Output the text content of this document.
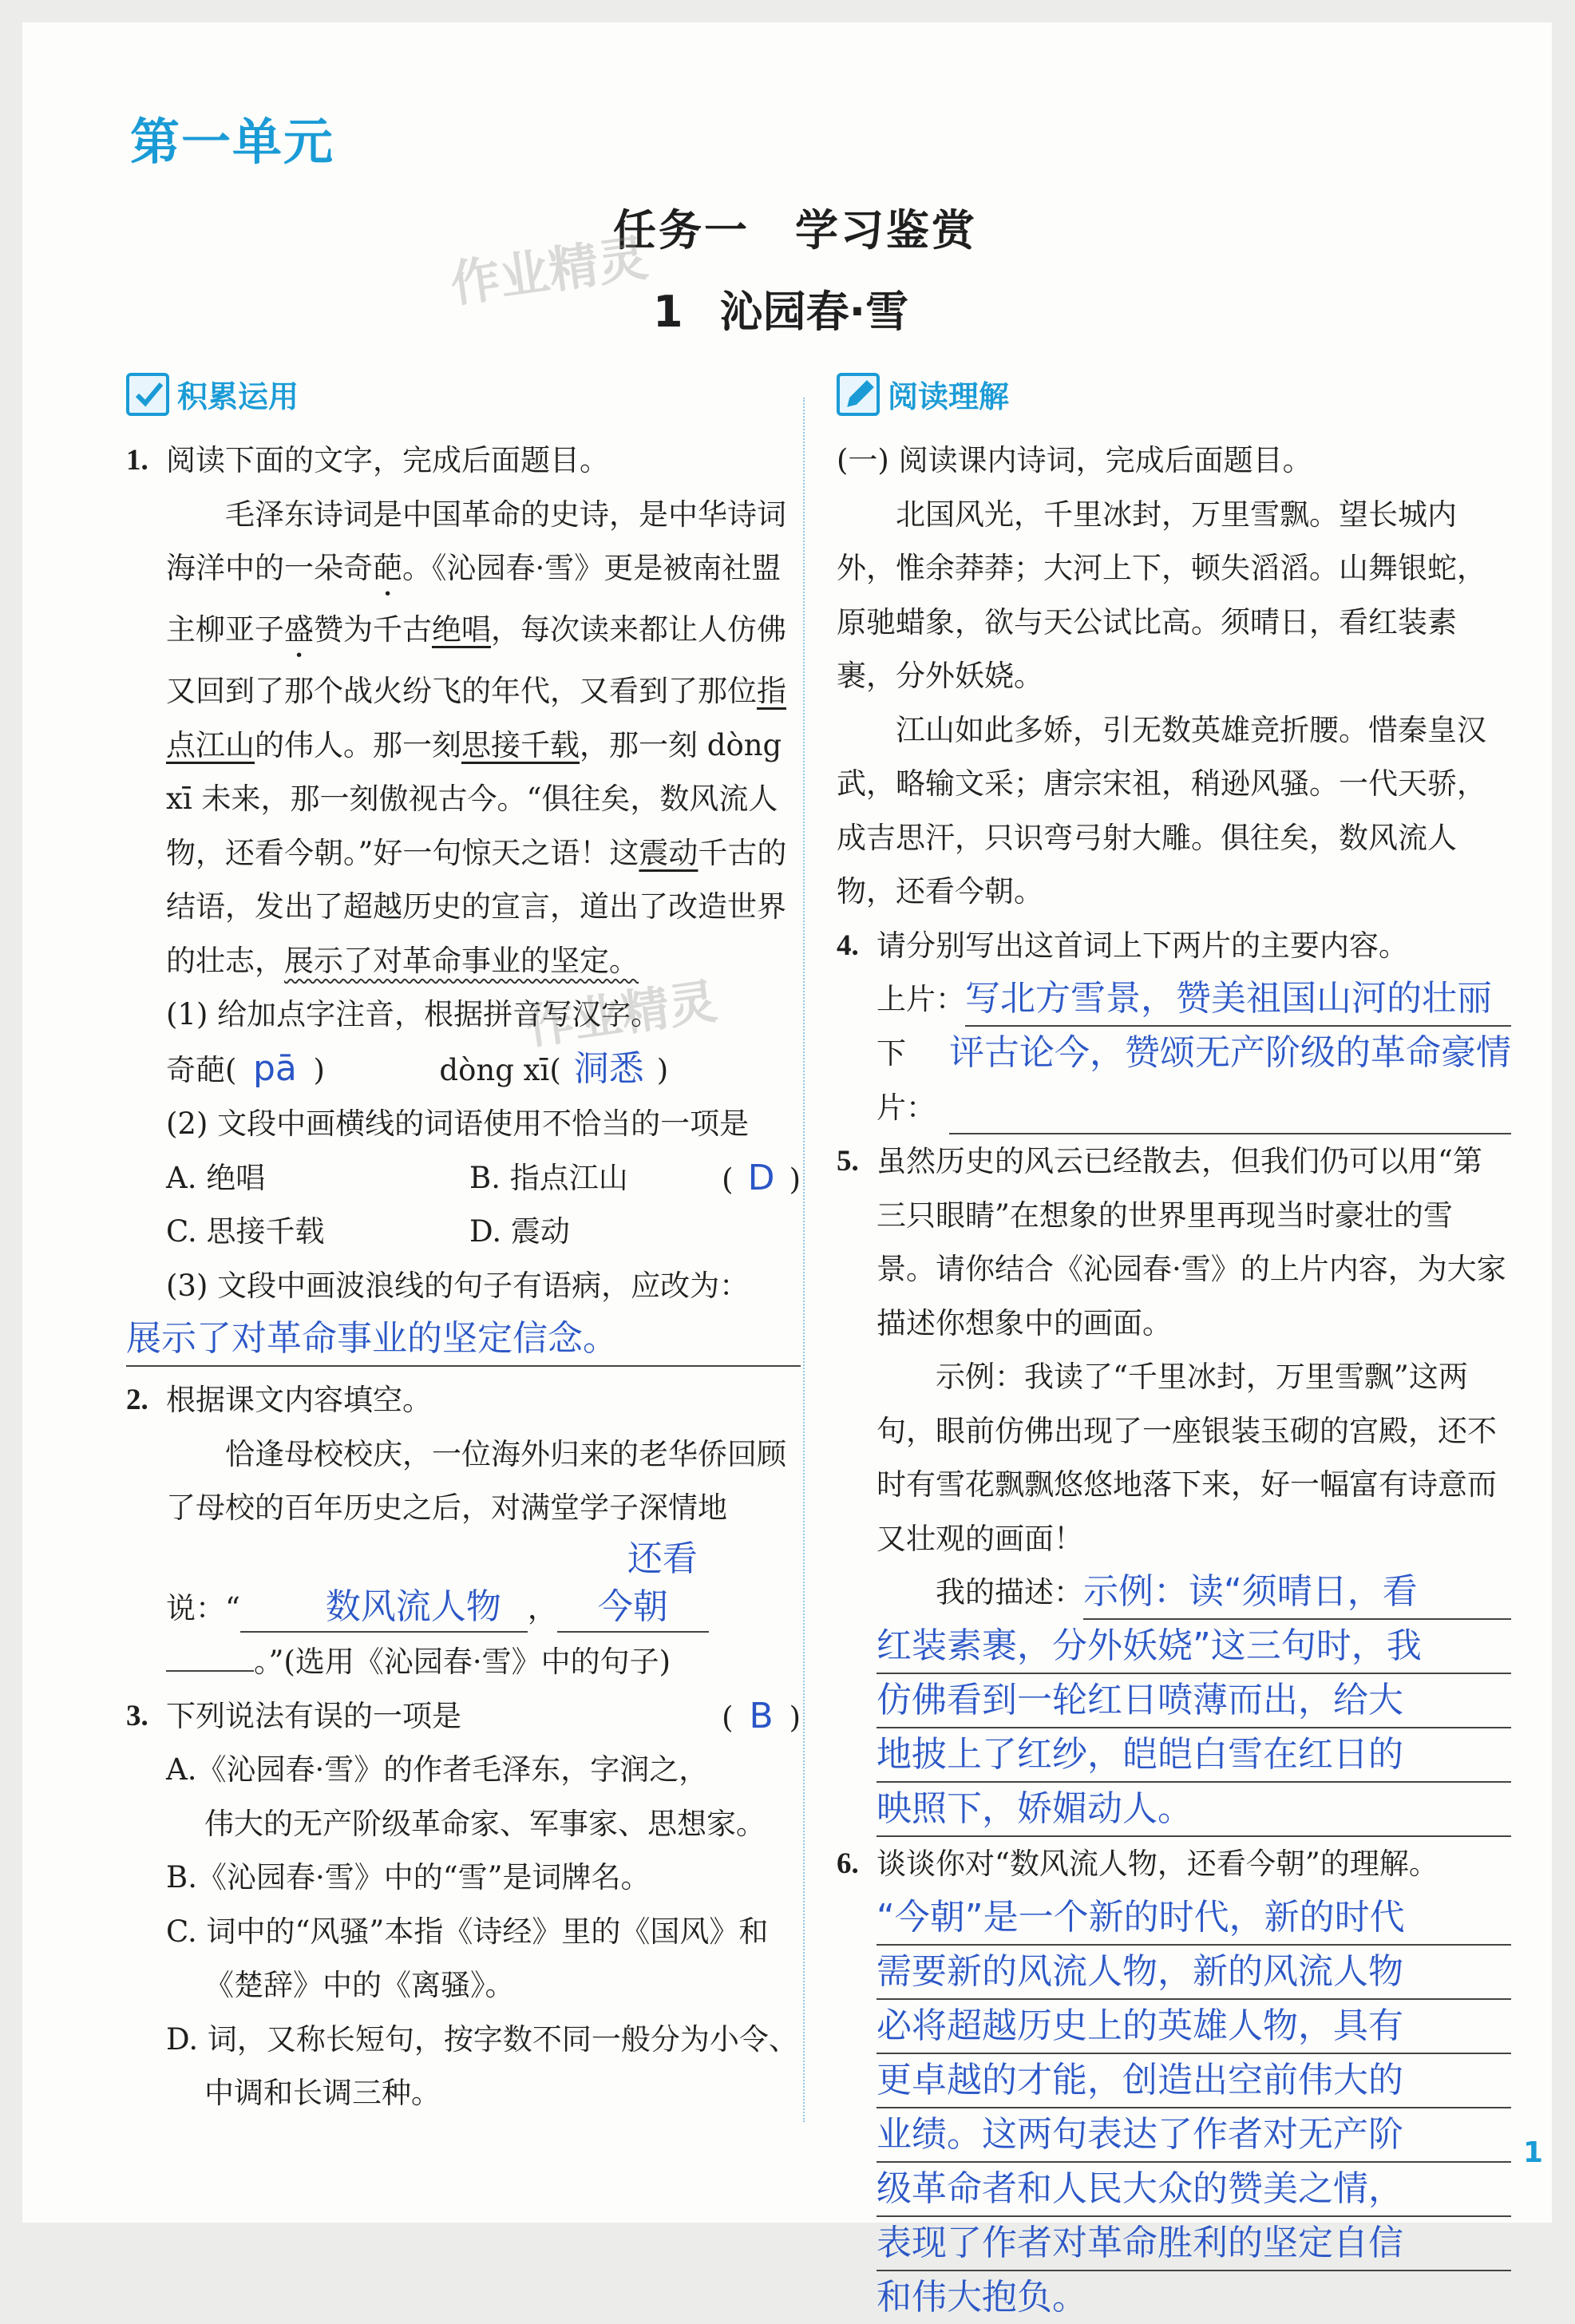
第一单元
任务一　学习鉴赏
1 沁园春·雪
作业精灵
作业精灵
积累运用	阅读理解
1. 阅读下面的文字，完成后面题目。

毛泽东诗词是中国革命的史诗，是中华诗词海洋中的一朵奇葩。《沁园春·雪》更是被南社盟主柳亚子盛赞为千古绝唱，每次读来都让人仿佛又回到了那个战火纷飞的年代，又看到了那位指点江山的伟人。那一刻思接千载，那一刻 dòng xī 未来，那一刻傲视古今。“俱往矣，数风流人物，还看今朝。”好一句惊天之语！这震动千古的结语，发出了超越历史的宣言，道出了改造世界的壮志，展示了对革命事业的坚定。

(1) 给加点字注音，根据拼音写汉字。

奇葩( pā )	dòng xī( 洞悉 )

(2) 文段中画横线的词语使用不恰当的一项是
( D )

A. 绝唱	B. 指点江山
C. 思接千载	D. 震动

(3) 文段中画波浪线的句子有语病，应改为：

展示了对革命事业的坚定信念。
2. 根据课文内容填空。

恰逢母校校庆，一位海外归来的老华侨回顾了母校的百年历史之后，对满堂学子深情地说：“ 数风流人物 ，还看今朝
。”(选用《沁园春·雪》中的句子)

3. 下列说法有误的一项是	( B )

A.《沁园春·雪》的作者毛泽东，字润之，伟大的无产阶级革命家、军事家、思想家。

B.《沁园春·雪》中的“雪”是词牌名。

C. 词中的“风骚”本指《诗经》里的《国风》和《楚辞》中的《离骚》。

D. 词，又称长短句，按字数不同一般分为小令、中调和长调三种。

(一) 阅读课内诗词，完成后面题目。

北国风光，千里冰封，万里雪飘。望长城内外，惟余莽莽；大河上下，顿失滔滔。山舞银蛇，原驰蜡象，欲与天公试比高。须晴日，看红装素裹，分外妖娆。

江山如此多娇，引无数英雄竞折腰。惜秦皇汉武，略输文采；唐宗宋祖，稍逊风骚。一代天骄，成吉思汗，只识弯弓射大雕。俱往矣，数风流人物，还看今朝。

4. 请分别写出这首词上下两片的主要内容。

上片： 写北方雪景，赞美祖国山河的壮丽
下片：
评古论今，赞颂无产阶级的革命豪情
5. 虽然历史的风云已经散去，但我们仍可以用“第三只眼睛”在想象的世界里再现当时豪壮的雪景。请你结合《沁园春·雪》的上片内容，为大家描述你想象中的画面。

示例：我读了“千里冰封，万里雪飘”这两句，眼前仿佛出现了一座银装玉砌的宫殿，还不时有雪花飘飘悠悠地落下来，好一幅富有诗意而又壮观的画面！

我的描述： 示例：读“须晴日，看
红装素裹，分外妖娆”这三句时，我
仿佛看到一轮红日喷薄而出，给大
地披上了红纱，皑皑白雪在红日的
映照下，娇媚动人。
6. 谈谈你对“数风流人物，还看今朝”的理解。

“今朝”是一个新的时代，新的时代
需要新的风流人物，新的风流人物
必将超越历史上的英雄人物，具有
更卓越的才能，创造出空前伟大的
业绩。这两句表达了作者对无产阶
级革命者和人民大众的赞美之情，
表现了作者对革命胜利的坚定自信
和伟大抱负。

1
